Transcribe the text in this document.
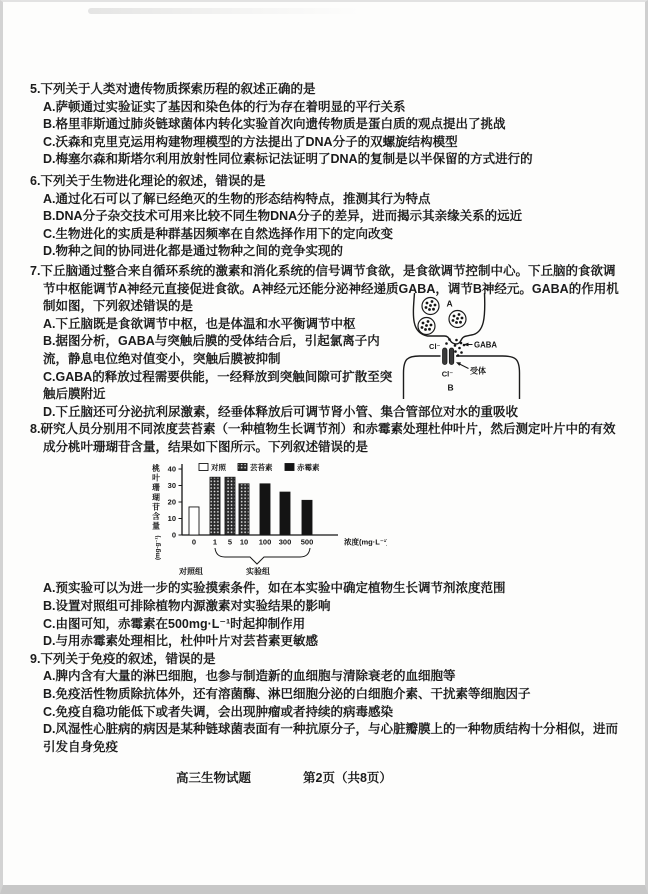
5.下列关于人类对遗传物质探索历程的叙述正确的是

A.萨顿通过实验证实了基因和染色体的行为存在着明显的平行关系

B.格里菲斯通过肺炎链球菌体内转化实验首次向遗传物质是蛋白质的观点提出了挑战

C.沃森和克里克运用构建物理模型的方法提出了DNA分子的双螺旋结构模型

D.梅塞尔森和斯塔尔利用放射性同位素标记法证明了DNA的复制是以半保留的方式进行的

6.下列关于生物进化理论的叙述，错误的是

A.通过化石可以了解已经绝灭的生物的形态结构特点，推测其行为特点

B.DNA分子杂交技术可用来比较不同生物DNA分子的差异，进而揭示其亲缘关系的远近

C.生物进化的实质是种群基因频率在自然选择作用下的定向改变

D.物种之间的协同进化都是通过物种之间的竞争实现的

7.下丘脑通过整合来自循环系统的激素和消化系统的信号调节食欲，是食欲调节控制中心。下丘脑的食欲调节中枢能调节A神经元直接促进食欲。A神经元还能分泌神经递质GABA，调节B神经元。GABA的作用机制如图，下列叙述错误的是

A.下丘脑既是食欲调节中枢，也是体温和水平衡调节中枢

B.据图分析，GABA与突触后膜的受体结合后，引起氯离子内流，静息电位绝对值变小，突触后膜被抑制

C.GABA的释放过程需要供能，一经释放到突触间隙可扩散至突触后膜附近

D.下丘脑还可分泌抗利尿激素，经垂体释放后可调节肾小管、集合管部位对水的重吸收

A
Cl⁻	GABA
Cl⁻ 受体
B

8.研究人员分别用不同浓度芸苔素（一种植物生长调节剂）和赤霉素处理杜仲叶片，然后测定叶片中的有效成分桃叶珊瑚苷含量，结果如下图所示。下列叙述错误的是

0
10
20
30
40
0 1 5 10 100 300 500	浓度(mg·L⁻¹)
对照	芸苔素	赤霉素
桃
叶
珊
瑚
苷
含
量
(mg·g⁻¹)
对照组	实验组

A.预实验可以为进一步的实验摸索条件，如在本实验中确定植物生长调节剂浓度范围

B.设置对照组可排除植物内源激素对实验结果的影响

C.由图可知，赤霉素在500mg·L⁻¹时起抑制作用

D.与用赤霉素处理相比，杜仲叶片对芸苔素更敏感

9.下列关于免疫的叙述，错误的是

A.脾内含有大量的淋巴细胞，也参与制造新的血细胞与清除衰老的血细胞等

B.免疫活性物质除抗体外，还有溶菌酶、淋巴细胞分泌的白细胞介素、干扰素等细胞因子

C.免疫自稳功能低下或者失调，会出现肿瘤或者持续的病毒感染

D.风湿性心脏病的病因是某种链球菌表面有一种抗原分子，与心脏瓣膜上的一种物质结构十分相似，进而引发自身免疫

高三生物试题	第2页（共8页）
